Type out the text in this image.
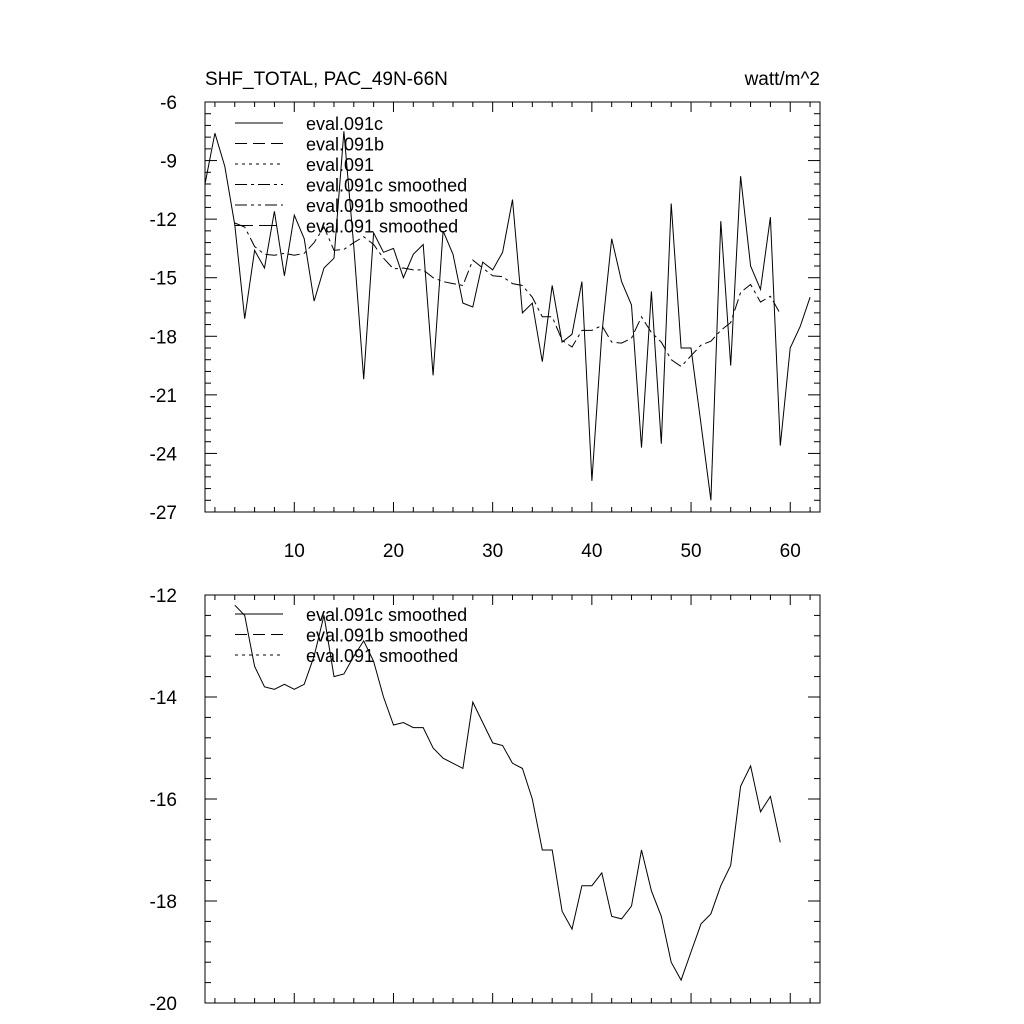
SHF_TOTAL, PAC_49N-66N	watt/m^2
10	20	30	40	50	60
-6
-9
-12
-15
-18
-21
-24
-27
eval.091c
eval.091b
eval.091
eval.091c smoothed
eval.091b smoothed
eval.091 smoothed
-12
-14
-16
-18
-20
eval.091c smoothed
eval.091b smoothed
eval.091 smoothed
